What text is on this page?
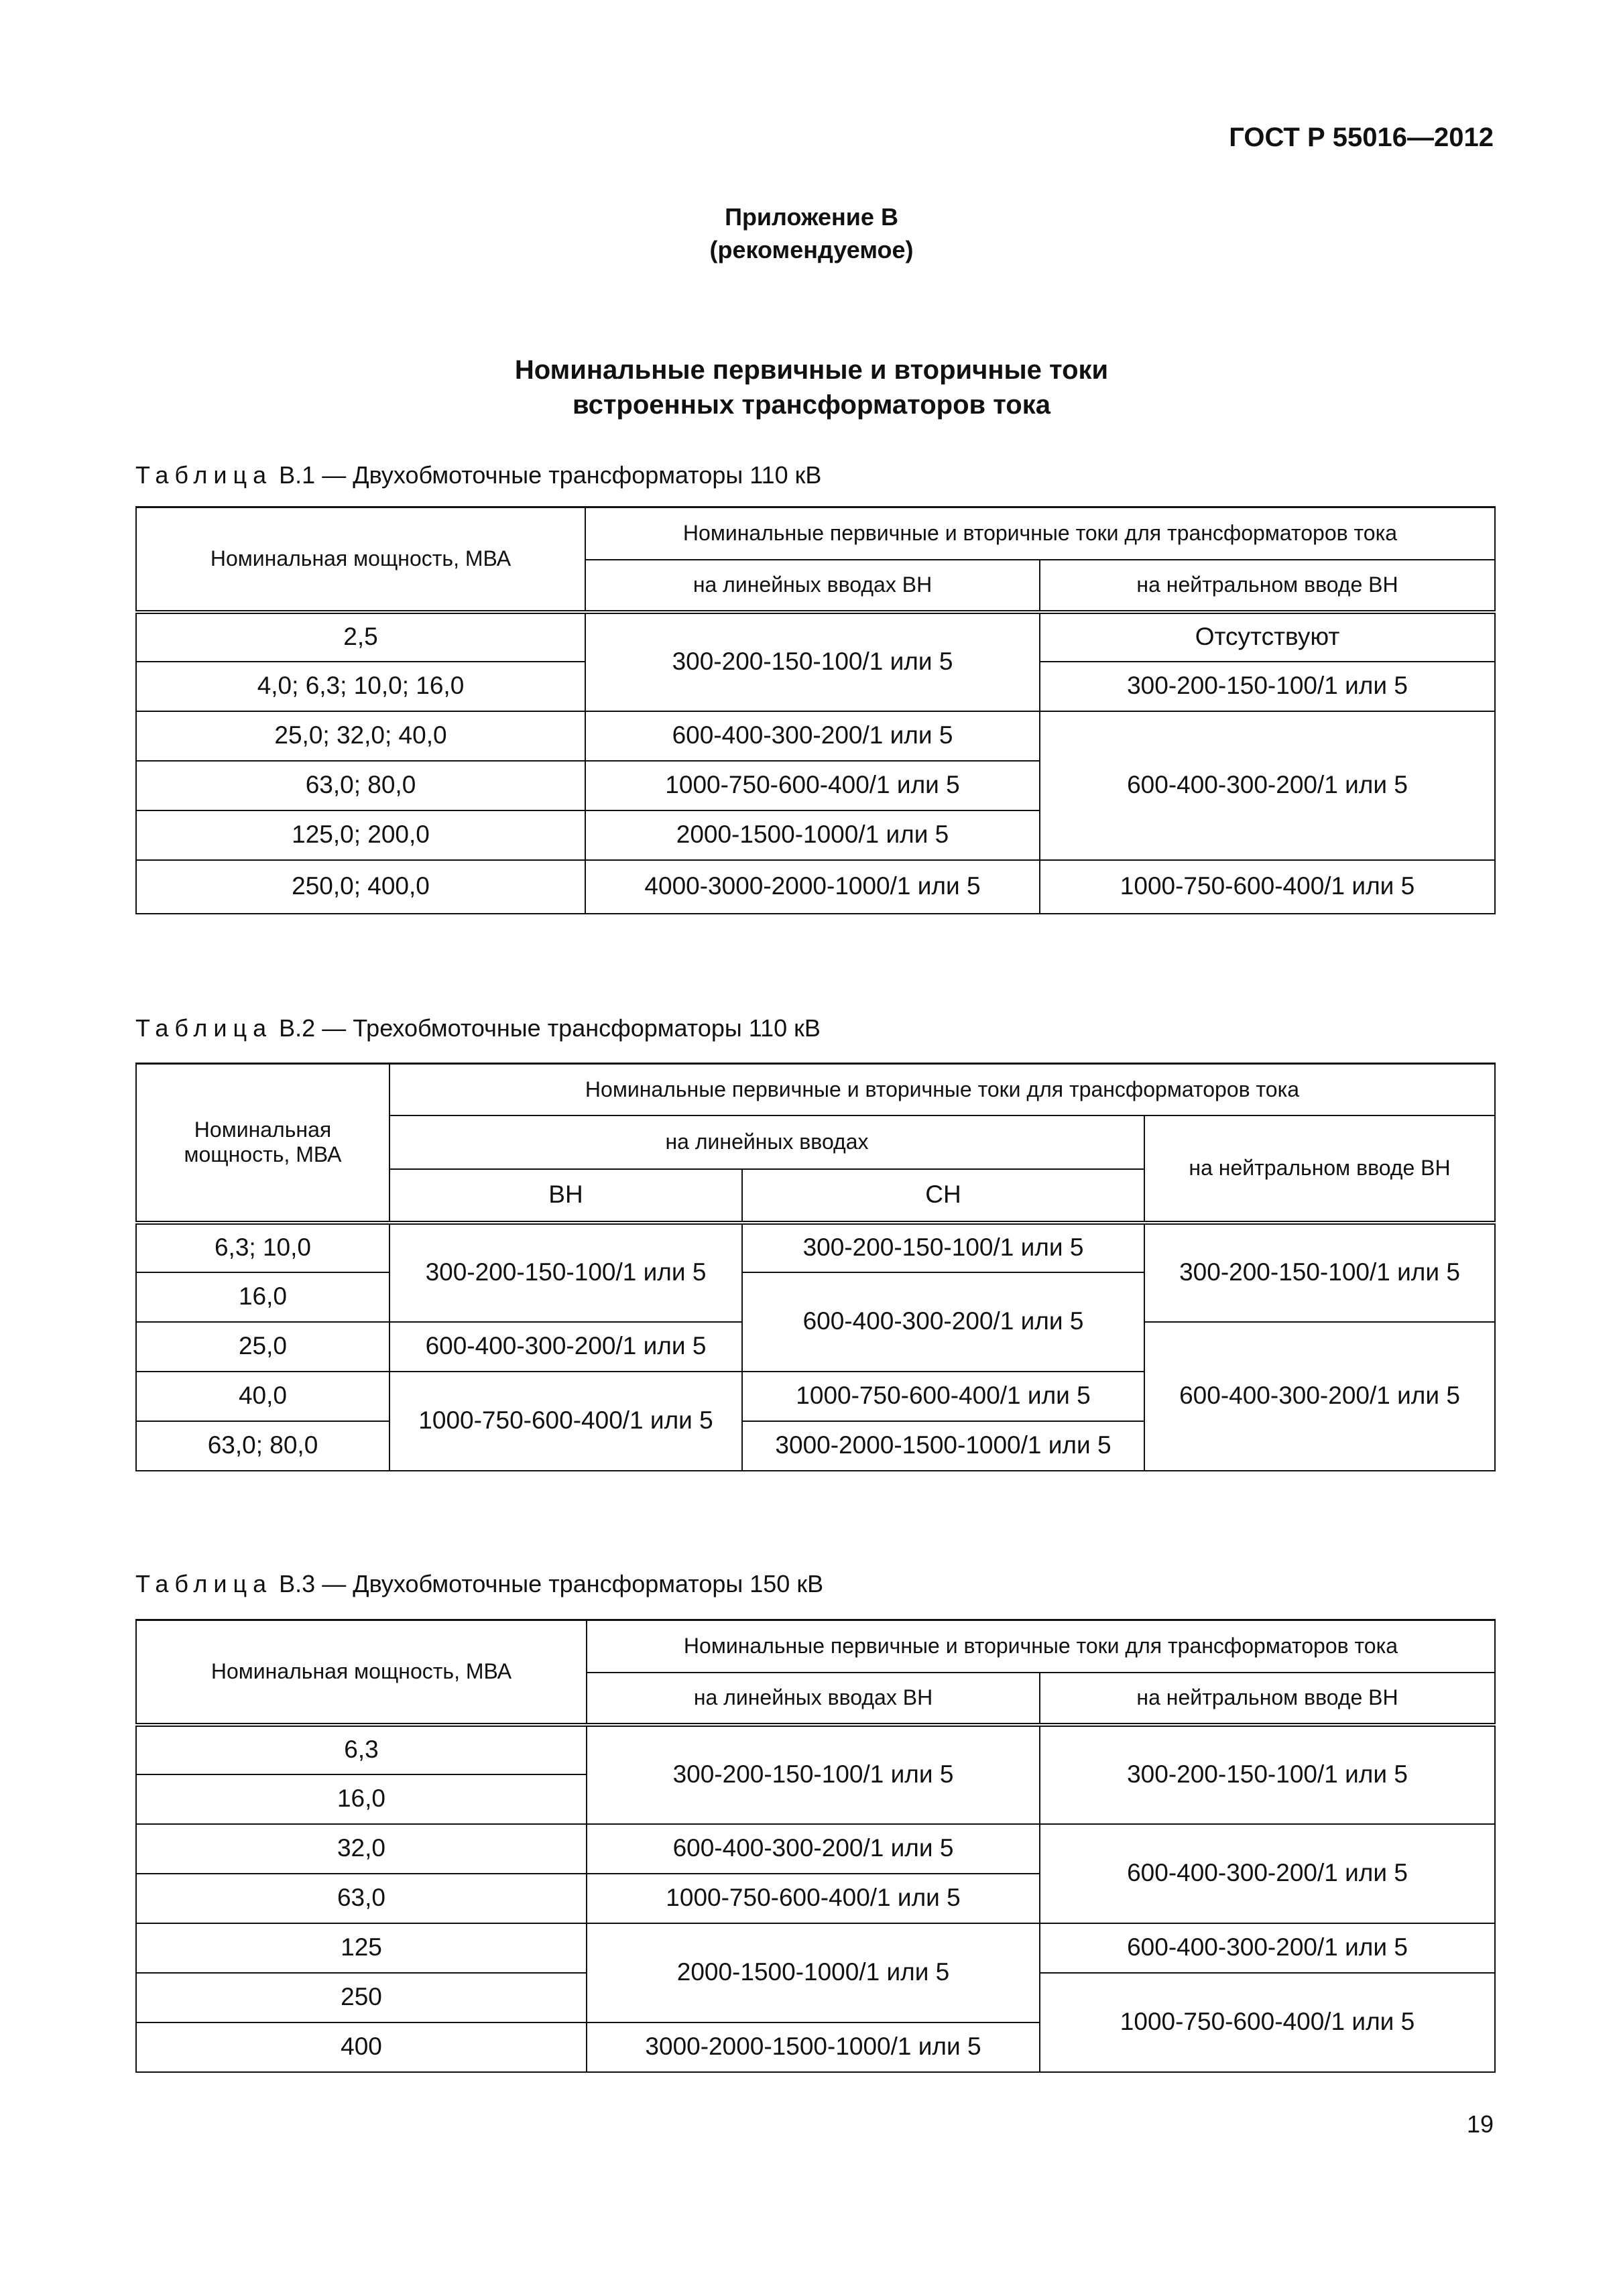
ГОСТ Р 55016—2012
Приложение В
(рекомендуемое)
Номинальные первичные и вторичные токи
встроенных трансформаторов тока
Таблица В.1 — Двухобмоточные трансформаторы 110 кВ
Номинальная мощность, МВА	Номинальные первичные и вторичные токи для трансформаторов тока	
	на линейных вводах ВН	на нейтральном вводе ВН
2,5	300-200-150-100/1 или 5	Отсутствуют
4,0; 6,3; 10,0; 16,0		300-200-150-100/1 или 5
25,0; 32,0; 40,0	600-400-300-200/1 или 5	600-400-300-200/1 или 5
63,0; 80,0	1000-750-600-400/1 или 5	
125,0; 200,0	2000-1500-1000/1 или 5	
250,0; 400,0	4000-3000-2000-1000/1 или 5	1000-750-600-400/1 или 5
Таблица В.2 — Трехобмоточные трансформаторы 110 кВ
Номинальная мощность, МВА	Номинальные первичные и вторичные токи для трансформаторов тока		
	на линейных вводах		на нейтральном вводе ВН
	ВН	СН	
6,3; 10,0	300-200-150-100/1 или 5	300-200-150-100/1 или 5	300-200-150-100/1 или 5
16,0		600-400-300-200/1 или 5	
25,0	600-400-300-200/1 или 5		600-400-300-200/1 или 5
40,0	1000-750-600-400/1 или 5	1000-750-600-400/1 или 5	
63,0; 80,0		3000-2000-1500-1000/1 или 5	
Таблица В.3 — Двухобмоточные трансформаторы 150 кВ
Номинальная мощность, МВА	Номинальные первичные и вторичные токи для трансформаторов тока	
	на линейных вводах ВН	на нейтральном вводе ВН
6,3	300-200-150-100/1 или 5	300-200-150-100/1 или 5
16,0		
32,0	600-400-300-200/1 или 5	600-400-300-200/1 или 5
63,0	1000-750-600-400/1 или 5	
125	2000-1500-1000/1 или 5	600-400-300-200/1 или 5
250		1000-750-600-400/1 или 5
400	3000-2000-1500-1000/1 или 5	
19
